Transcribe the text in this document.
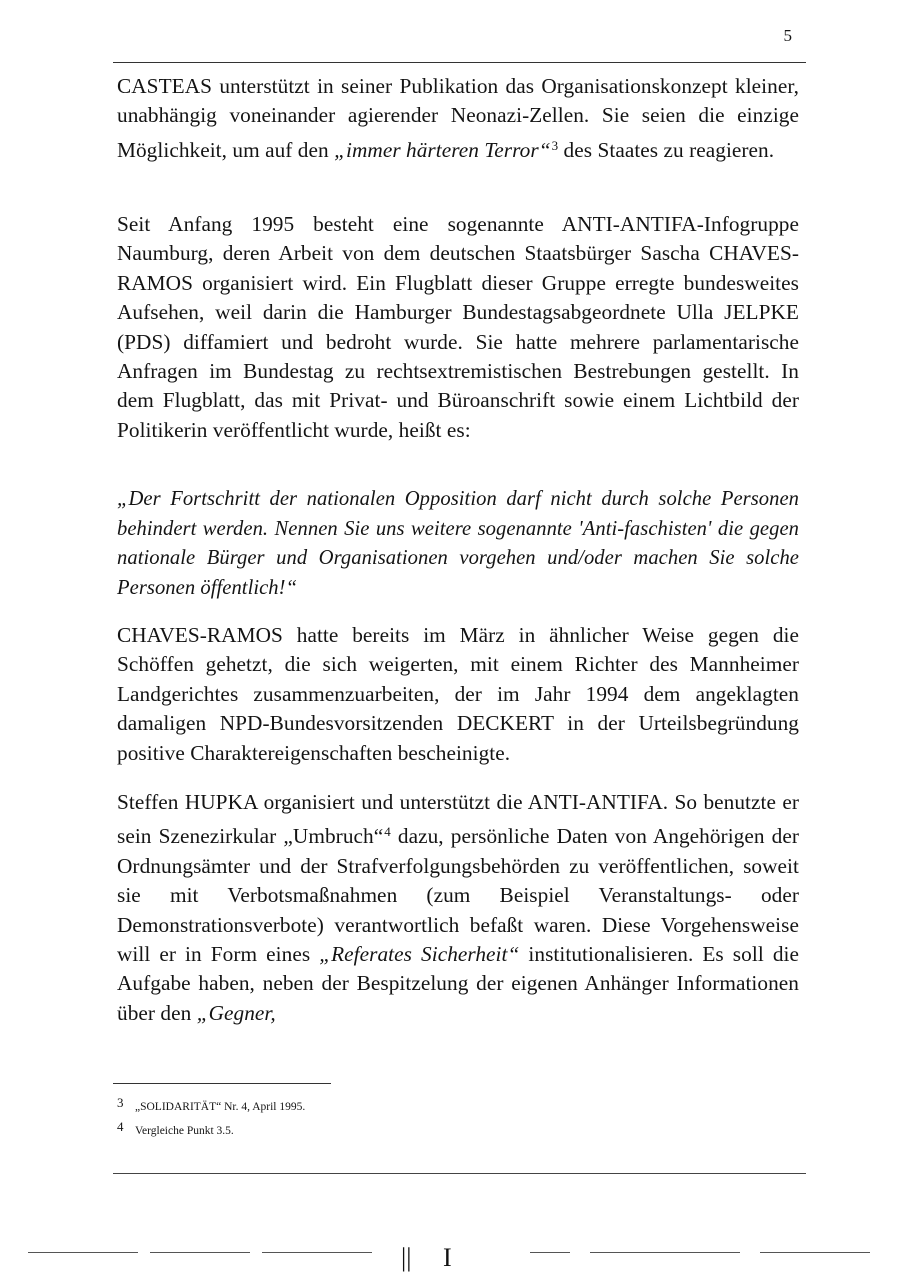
5

CASTEAS unterstützt in seiner Publikation das Organisationskonzept kleiner, unabhängig voneinander agierender Neonazi-Zellen. Sie seien die einzige Möglichkeit, um auf den „immer härteren Terror“$^3$ des Staates zu reagieren.

Seit Anfang 1995 besteht eine sogenannte ANTI-ANTIFA-Infogruppe Naumburg, deren Arbeit von dem deutschen Staatsbürger Sascha CHAVES-RAMOS organisiert wird. Ein Flugblatt dieser Gruppe erregte bundesweites Aufsehen, weil darin die Hamburger Bundestagsabgeordnete Ulla JELPKE (PDS) diffamiert und bedroht wurde. Sie hatte mehrere parlamentarische Anfragen im Bundestag zu rechtsextremistischen Bestrebungen gestellt. In dem Flugblatt, das mit Privat- und Büroanschrift sowie einem Lichtbild der Politikerin veröffentlicht wurde, heißt es:

„Der Fortschritt der nationalen Opposition darf nicht durch solche Personen behindert werden. Nennen Sie uns weitere sogenannte 'Anti-faschisten' die gegen nationale Bürger und Organisationen vorgehen und/oder machen Sie solche Personen öffentlich!“

CHAVES-RAMOS hatte bereits im März in ähnlicher Weise gegen die Schöffen gehetzt, die sich weigerten, mit einem Richter des Mannheimer Landgerichtes zusammenzuarbeiten, der im Jahr 1994 dem angeklagten damaligen NPD-Bundesvorsitzenden DECKERT in der Urteilsbegründung positive Charaktereigenschaften bescheinigte.

Steffen HUPKA organisiert und unterstützt die ANTI-ANTIFA. So benutzte er sein Szenezirkular „Umbruch“$^4$ dazu, persönliche Daten von Angehörigen der Ordnungsämter und der Strafverfolgungsbehörden zu veröffentlichen, soweit sie mit Verbotsmaßnahmen (zum Beispiel Veranstaltungs- oder Demonstrationsverbote) verantwortlich befaßt waren. Diese Vorgehensweise will er in Form eines „Referates Sicherheit“ institutionalisieren. Es soll die Aufgabe haben, neben der Bespitzelung der eigenen Anhänger Informationen über den „Gegner,

3 „SOLIDARITÄT“ Nr. 4, April 1995.

4 Vergleiche Punkt 3.5.

|| I
